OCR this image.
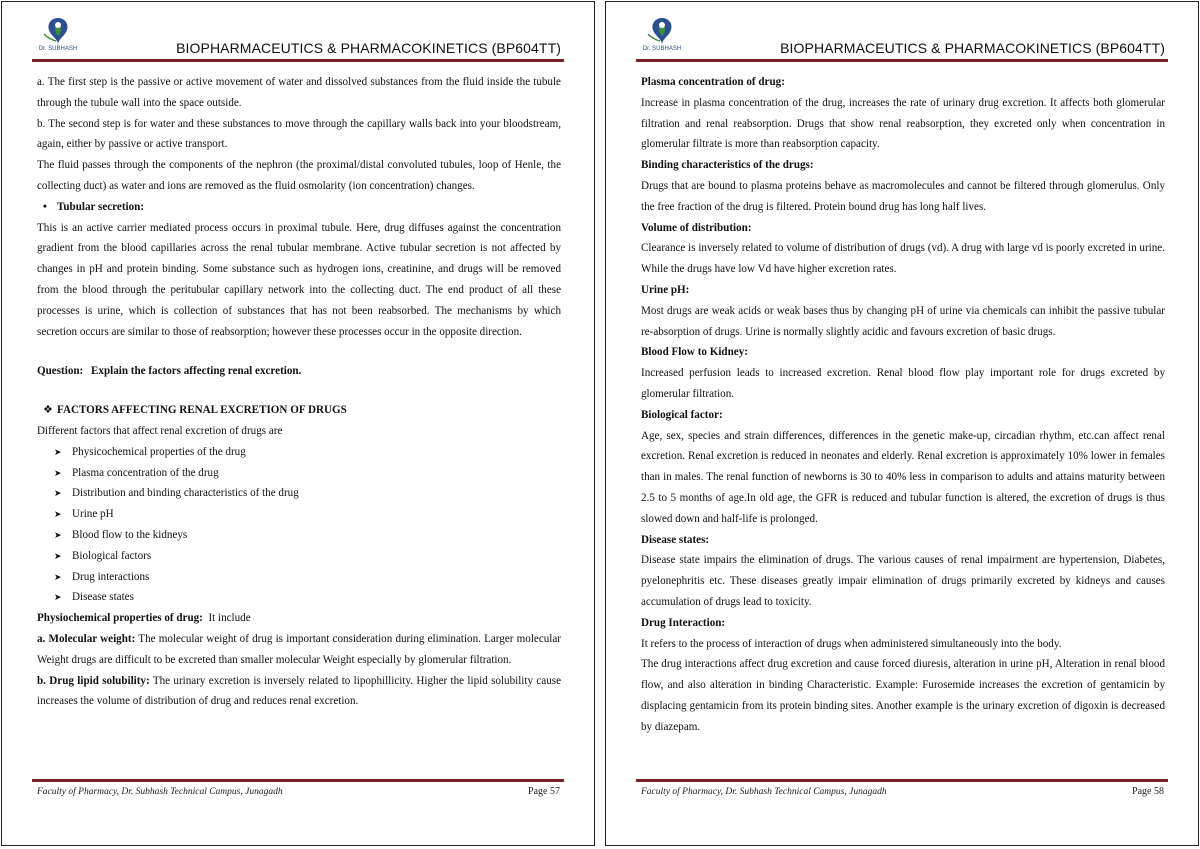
Dr. SUBHASH	BIOPHARMACEUTICS & PHARMACOKINETICS (BP604TT)

a. The first step is the passive or active movement of water and dissolved substances from the fluid inside the tubule through the tubule wall into the space outside.

b. The second step is for water and these substances to move through the capillary walls back into your bloodstream, again, either by passive or active transport.

The fluid passes through the components of the nephron (the proximal/distal convoluted tubules, loop of Henle, the collecting duct) as water and ions are removed as the fluid osmolarity (ion concentration) changes.

• Tubular secretion:

This is an active carrier mediated process occurs in proximal tubule. Here, drug diffuses against the concentration gradient from the blood capillaries across the renal tubular membrane. Active tubular secretion is not affected by changes in pH and protein binding. Some substance such as hydrogen ions, creatinine, and drugs will be removed from the blood through the peritubular capillary network into the collecting duct. The end product of all these processes is urine, which is collection of substances that has not been reabsorbed. The mechanisms by which secretion occurs are similar to those of reabsorption; however these processes occur in the opposite direction.

Question: Explain the factors affecting renal excretion.

❖ FACTORS AFFECTING RENAL EXCRETION OF DRUGS

Different factors that affect renal excretion of drugs are

➤ Physicochemical properties of the drug
➤ Plasma concentration of the drug
➤ Distribution and binding characteristics of the drug
➤ Urine pH
➤ Blood flow to the kidneys
➤ Biological factors
➤ Drug interactions
➤ Disease states

Physiochemical properties of drug: It include

a. Molecular weight: The molecular weight of drug is important consideration during elimination. Larger molecular Weight drugs are difficult to be excreted than smaller molecular Weight especially by glomerular filtration.

b. Drug lipid solubility: The urinary excretion is inversely related to lipophillicity. Higher the lipid solubility cause increases the volume of distribution of drug and reduces renal excretion.

Faculty of Pharmacy, Dr. Subhash Technical Campus, Junagadh	Page 57
Dr. SUBHASH	BIOPHARMACEUTICS & PHARMACOKINETICS (BP604TT)

Plasma concentration of drug:

Increase in plasma concentration of the drug, increases the rate of urinary drug excretion. It affects both glomerular filtration and renal reabsorption. Drugs that show renal reabsorption, they excreted only when concentration in glomerular filtrate is more than reabsorption capacity.

Binding characteristics of the drugs:

Drugs that are bound to plasma proteins behave as macromolecules and cannot be filtered through glomerulus. Only the free fraction of the drug is filtered. Protein bound drug has long half lives.

Volume of distribution:

Clearance is inversely related to volume of distribution of drugs (vd). A drug with large vd is poorly excreted in urine. While the drugs have low Vd have higher excretion rates.

Urine pH:

Most drugs are weak acids or weak bases thus by changing pH of urine via chemicals can inhibit the passive tubular re-absorption of drugs. Urine is normally slightly acidic and favours excretion of basic drugs.

Blood Flow to Kidney:

Increased perfusion leads to increased excretion. Renal blood flow play important role for drugs excreted by glomerular filtration.

Biological factor:

Age, sex, species and strain differences, differences in the genetic make-up, circadian rhythm, etc.can affect renal excretion. Renal excretion is reduced in neonates and elderly. Renal excretion is approximately 10% lower in females than in males. The renal function of newborns is 30 to 40% less in comparison to adults and attains maturity between 2.5 to 5 months of age.In old age, the GFR is reduced and tubular function is altered, the excretion of drugs is thus slowed down and half-life is prolonged.

Disease states:

Disease state impairs the elimination of drugs. The various causes of renal impairment are hypertension, Diabetes, pyelonephritis etc. These diseases greatly impair elimination of drugs primarily excreted by kidneys and causes accumulation of drugs lead to toxicity.

Drug Interaction:

It refers to the process of interaction of drugs when administered simultaneously into the body.

The drug interactions affect drug excretion and cause forced diuresis, alteration in urine pH, Alteration in renal blood flow, and also alteration in binding Characteristic. Example: Furosemide increases the excretion of gentamicin by displacing gentamicin from its protein binding sites. Another example is the urinary excretion of digoxin is decreased by diazepam.

Faculty of Pharmacy, Dr. Subhash Technical Campus, Junagadh	Page 58
